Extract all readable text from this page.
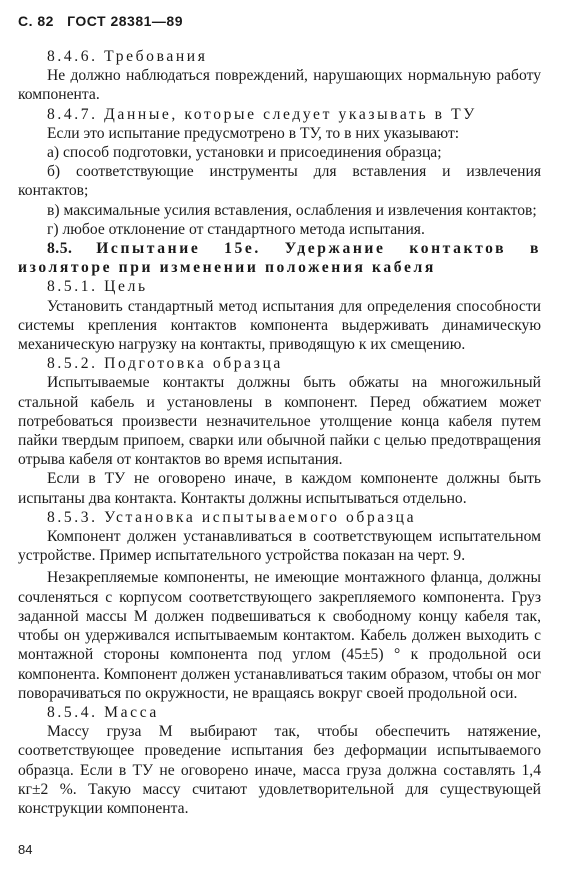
С. 82   ГОСТ 28381—89

8.4.6. Требования

Не должно наблюдаться повреждений, нарушающих нормальную работу компонента.

8.4.7. Данные, которые следует указывать в ТУ

Если это испытание предусмотрено в ТУ, то в них указывают:

а) способ подготовки, установки и присоединения образца;

б) соответствующие инструменты для вставления и извлечения контактов;

в) максимальные усилия вставления, ослабления и извлечения контактов;

г) любое отклонение от стандартного метода испытания.

8.5. Испытание 15е. Удержание контактов в изоляторе при изменении положения кабеля

8.5.1. Цель

Установить стандартный метод испытания для определения способности системы крепления контактов компонента выдерживать динамическую механическую нагрузку на контакты, приводящую к их смещению.

8.5.2. Подготовка образца

Испытываемые контакты должны быть обжаты на многожильный стальной кабель и установлены в компонент. Перед обжатием может потребоваться произвести незначительное утолщение конца кабеля путем пайки твердым припоем, сварки или обычной пайки с целью предотвращения отрыва кабеля от контактов во время испытания.

Если в ТУ не оговорено иначе, в каждом компоненте должны быть испытаны два контакта. Контакты должны испытываться отдельно.

8.5.3. Установка испытываемого образца

Компонент должен устанавливаться в соответствующем испытательном устройстве. Пример испытательного устройства показан на черт. 9.

Незакрепляемые компоненты, не имеющие монтажного фланца, должны сочленяться с корпусом соответствующего закрепляемого компонента. Груз заданной массы М должен подвешиваться к свободному концу кабеля так, чтобы он удерживался испытываемым контактом. Кабель должен выходить с монтажной стороны компонента под углом (45±5) ° к продольной оси компонента. Компонент должен устанавливаться таким образом, чтобы он мог поворачиваться по окружности, не вращаясь вокруг своей продольной оси.

8.5.4. Масса

Массу груза М выбирают так, чтобы обеспечить натяжение, соответствующее проведение испытания без деформации испытываемого образца. Если в ТУ не оговорено иначе, масса груза должна составлять 1,4 кг±2 %. Такую массу считают удовлетворительной для существующей конструкции компонента.

84
